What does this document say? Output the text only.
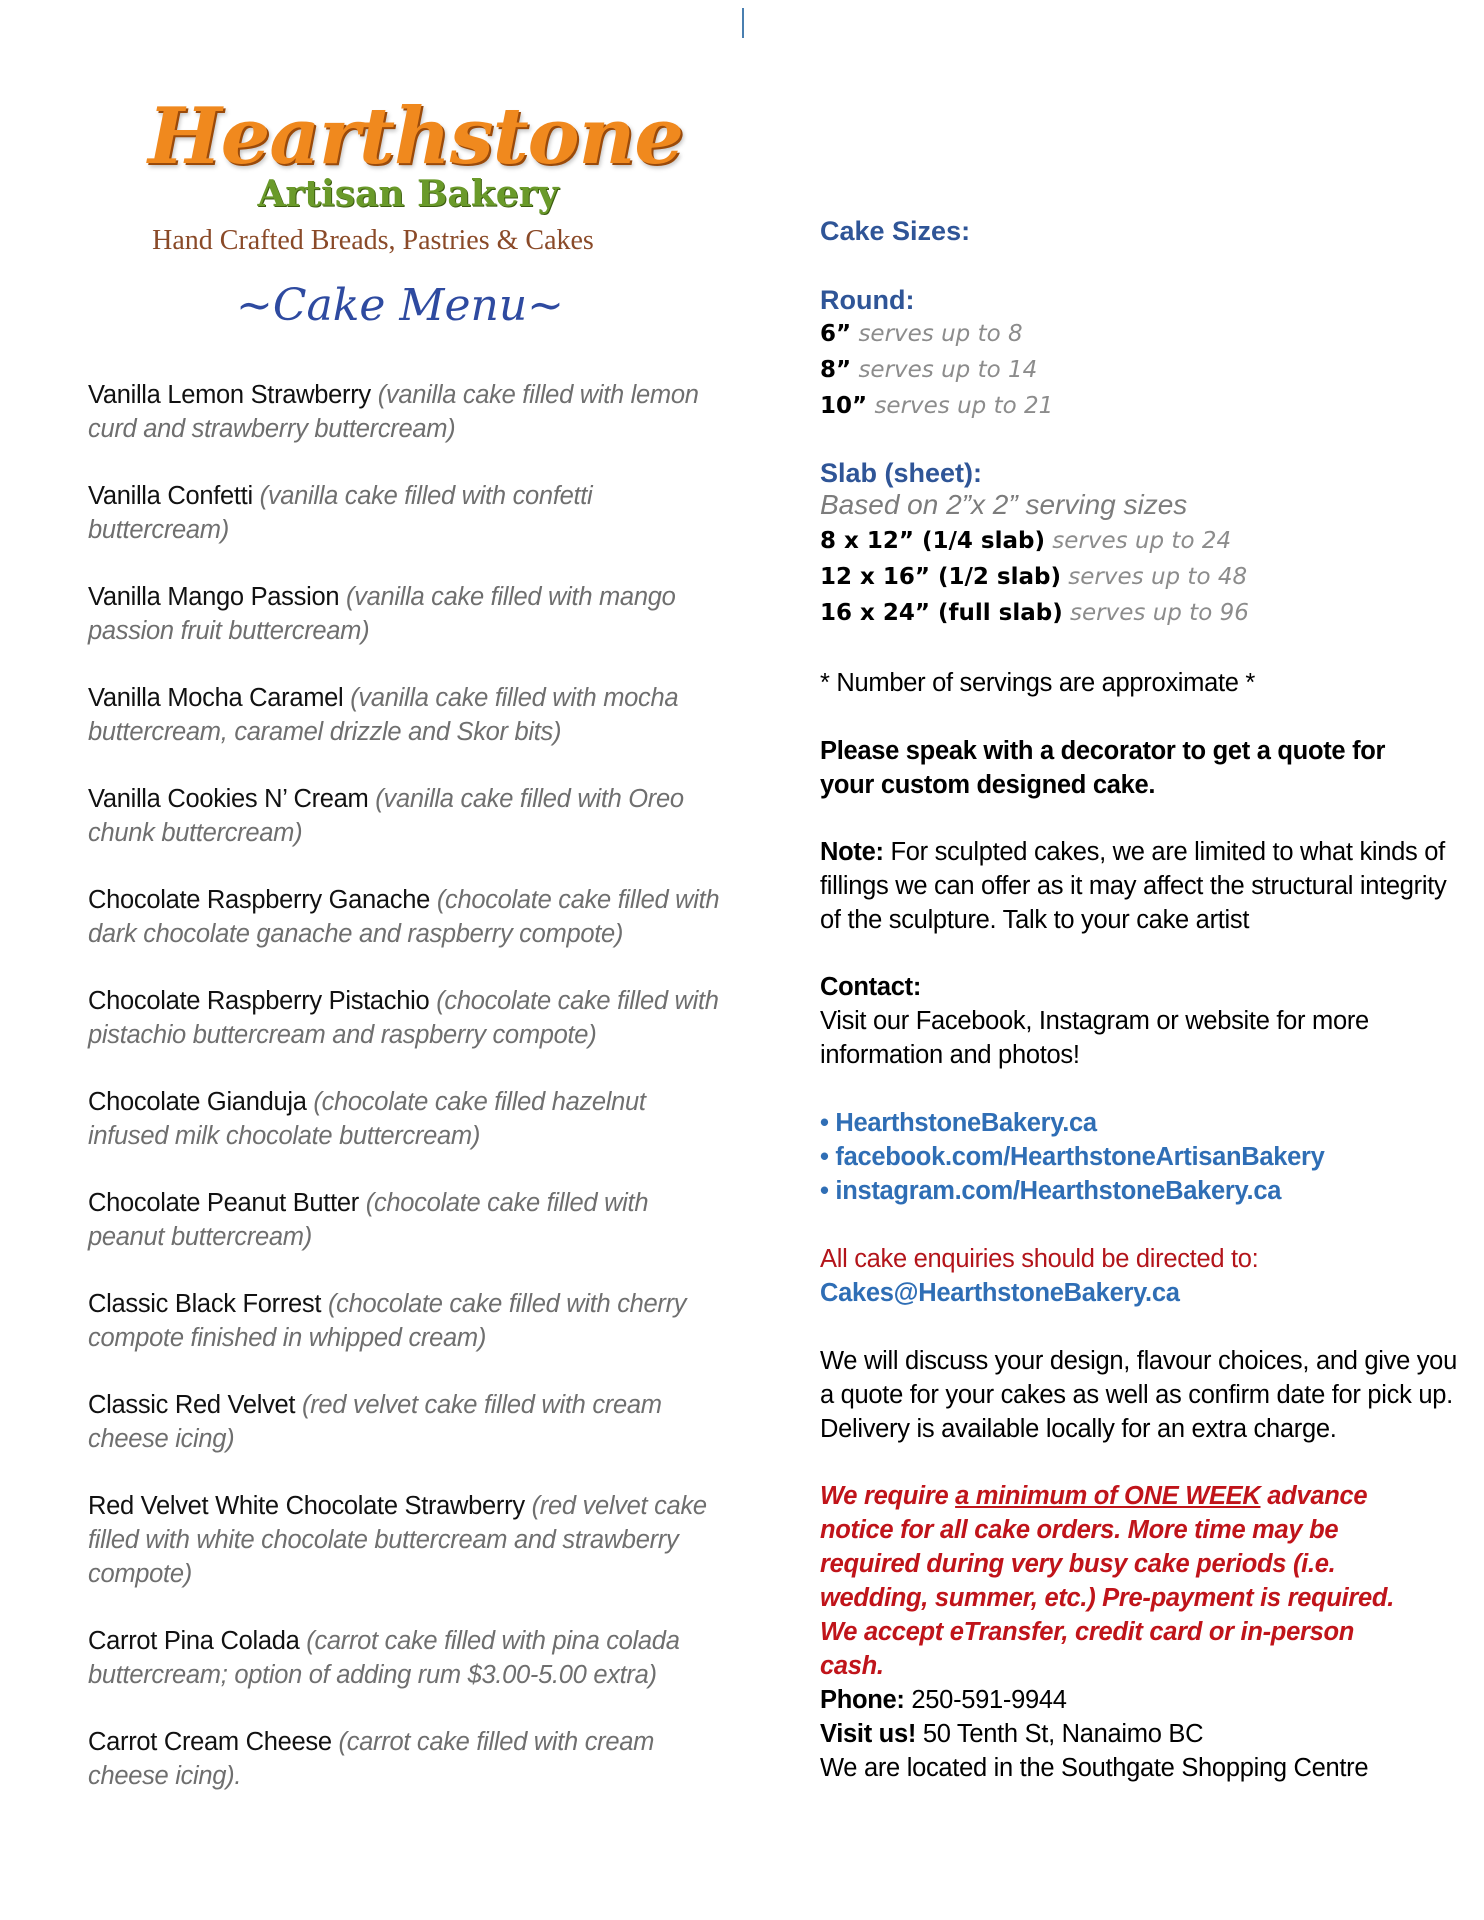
Hearthstone
Artisan Bakery
Hand Crafted Breads, Pastries & Cakes
~Cake Menu~
Vanilla Lemon Strawberry (vanilla cake filled with lemon curd and strawberry buttercream)
Vanilla Confetti (vanilla cake filled with confetti buttercream)
Vanilla Mango Passion (vanilla cake filled with mango passion fruit buttercream)
Vanilla Mocha Caramel (vanilla cake filled with mocha buttercream, caramel drizzle and Skor bits)
Vanilla Cookies N’ Cream (vanilla cake filled with Oreo chunk buttercream)
Chocolate Raspberry Ganache (chocolate cake filled with dark chocolate ganache and raspberry compote)
Chocolate Raspberry Pistachio (chocolate cake filled with pistachio buttercream and raspberry compote)
Chocolate Gianduja (chocolate cake filled hazelnut infused milk chocolate buttercream)
Chocolate Peanut Butter (chocolate cake filled with peanut buttercream)
Classic Black Forrest (chocolate cake filled with cherry compote finished in whipped cream)
Classic Red Velvet (red velvet cake filled with cream cheese icing)
Red Velvet White Chocolate Strawberry (red velvet cake filled with white chocolate buttercream and strawberry compote)
Carrot Pina Colada (carrot cake filled with pina colada buttercream; option of adding rum $3.00-5.00 extra)
Carrot Cream Cheese (carrot cake filled with cream cheese icing).
Cake Sizes:
Round:
6” serves up to 8
8” serves up to 14
10” serves up to 21
Slab (sheet):
Based on 2”x 2” serving sizes
8 x 12” (1/4 slab) serves up to 24
12 x 16” (1/2 slab) serves up to 48
16 x 24” (full slab) serves up to 96
* Number of servings are approximate *
Please speak with a decorator to get a quote for your custom designed cake.
Note: For sculpted cakes, we are limited to what kinds of fillings we can offer as it may affect the structural integrity of the sculpture. Talk to your cake artist
Contact:
Visit our Facebook, Instagram or website for more information and photos!
• HearthstoneBakery.ca
• facebook.com/HearthstoneArtisanBakery
• instagram.com/HearthstoneBakery.ca
All cake enquiries should be directed to:
Cakes@HearthstoneBakery.ca
We will discuss your design, flavour choices, and give you a quote for your cakes as well as confirm date for pick up. Delivery is available locally for an extra charge.
We require a minimum of ONE WEEK advance notice for all cake orders. More time may be required during very busy cake periods (i.e. wedding, summer, etc.) Pre-payment is required. We accept eTransfer, credit card or in-person cash.
Phone: 250-591-9944
Visit us! 50 Tenth St, Nanaimo BC
We are located in the Southgate Shopping Centre
